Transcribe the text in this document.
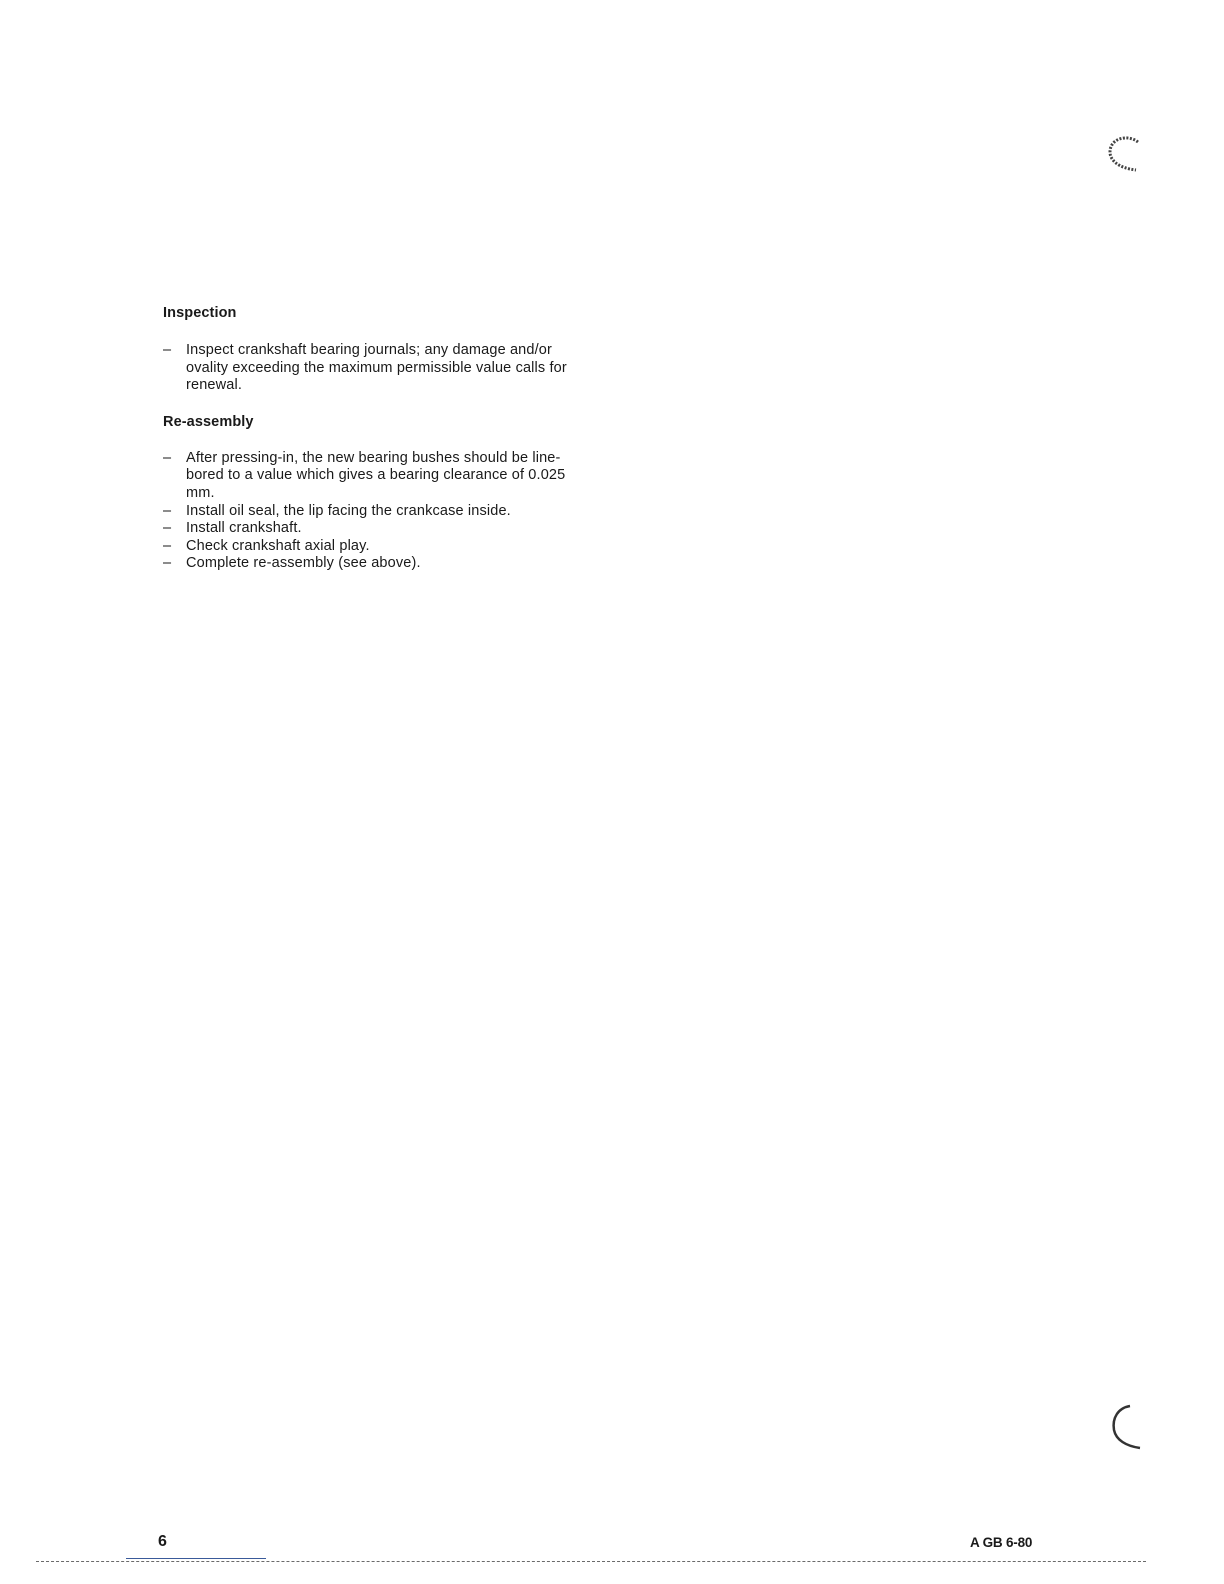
Inspection
– Inspect crankshaft bearing journals; any damage and/or ovality exceeding the maximum permissible value calls for renewal.
Re-assembly
– After pressing-in, the new bearing bushes should be line-bored to a value which gives a bearing clearance of 0.025 mm.
– Install oil seal, the lip facing the crankcase inside.
– Install crankshaft.
– Check crankshaft axial play.
– Complete re-assembly (see above).
6	A GB 6-80
